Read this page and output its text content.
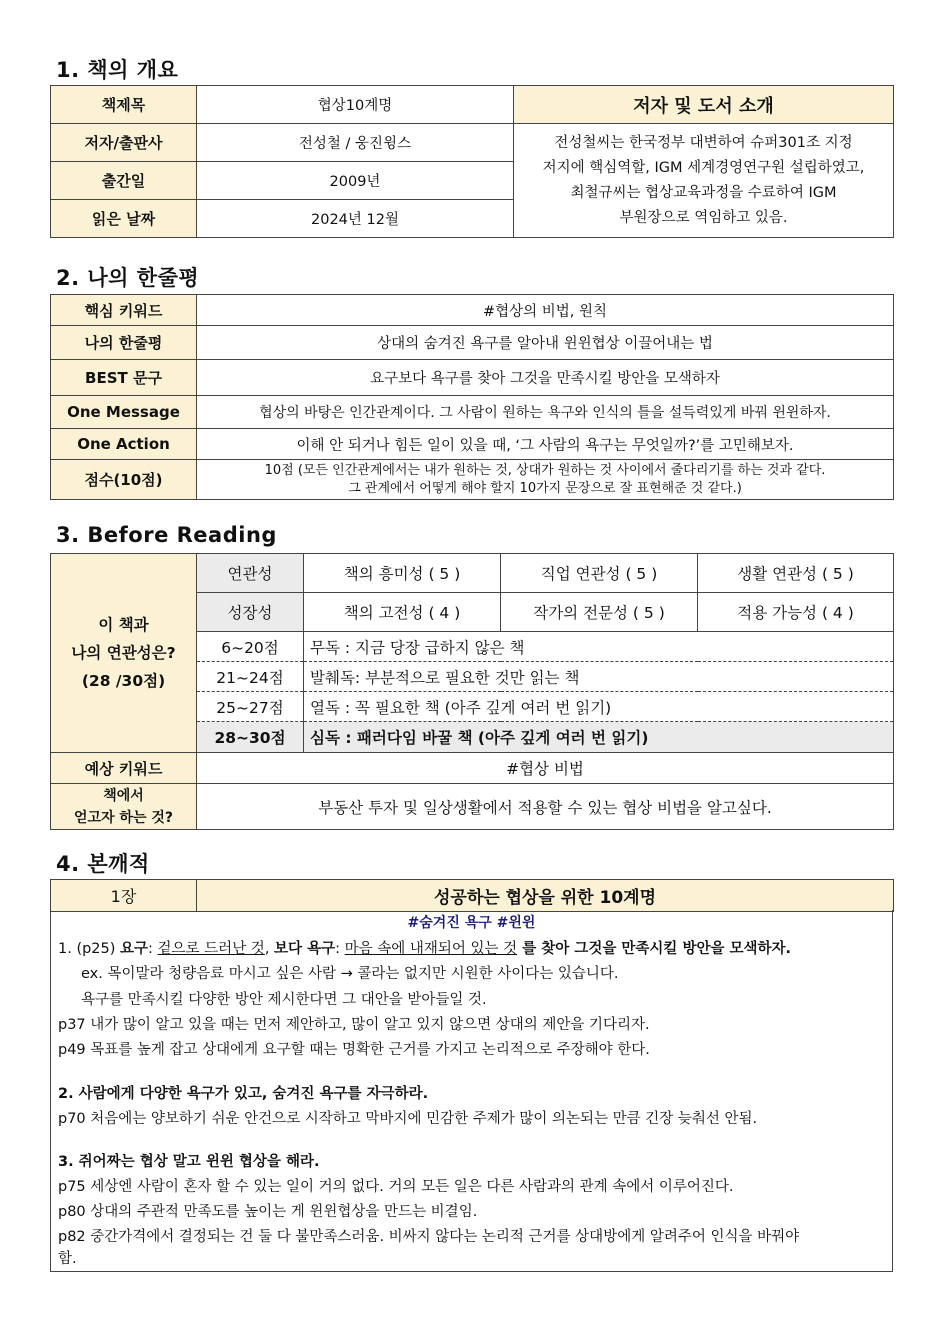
1. 책의 개요
책제목	협상10계명	저자 및 도서 소개
저자/출판사	전성철 / 웅진윙스	전성철씨는 한국정부 대변하여 슈퍼301조 지정
저지에 핵심역할, IGM 세계경영연구원 설립하였고,
최철규씨는 협상교육과정을 수료하여 IGM
부원장으로 역임하고 있음.

출간일	2009년	
읽은 날짜	2024년 12월	
2. 나의 한줄평
핵심 키워드	#협상의 비법, 원칙
나의 한줄평	상대의 숨겨진 욕구를 알아내 윈윈협상 이끌어내는 법
BEST 문구	요구보다 욕구를 찾아 그것을 만족시킬 방안을 모색하자
One Message	협상의 바탕은 인간관계이다. 그 사람이 원하는 욕구와 인식의 틀을 설득력있게 바꿔 윈윈하자.
One Action	이해 안 되거나 힘든 일이 있을 때, ‘그 사람의 욕구는 무엇일까?’를 고민해보자.
점수(10점)	10점 (모든 인간관계에서는 내가 원하는 것, 상대가 원하는 것 사이에서 줄다리기를 하는 것과 같다.
그 관계에서 어떻게 해야 할지 10가지 문장으로 잘 표현해준 것 같다.)
3. Before Reading
이 책과
나의 연관성은?
(28 /30점)	연관성	책의 흥미성 ( 5 )	직업 연관성 ( 5 )	생활 연관성 ( 5 )
	성장성	책의 고전성 ( 4 )	작가의 전문성 ( 5 )	적용 가능성 ( 4 )
	6~20점	무독 : 지금 당장 급하지 않은 책		
	21~24점	발췌독: 부분적으로 필요한 것만 읽는 책		
	25~27점	열독 : 꼭 필요한 책 (아주 깊게 여러 번 읽기)		
	28~30점	심독 : 패러다임 바꿀 책 (아주 깊게 여러 번 읽기)		
예상 키워드	#협상 비법			

책에서
얻고자 하는 것?	부동산 투자 및 일상생활에서 적용할 수 있는 협상 비법을 알고싶다.			
4. 본깨적
1장	성공하는 협상을 위한 10계명
#숨겨진 욕구 #윈윈
1. (p25) 요구: 겉으로 드러난 것, 보다 욕구: 마음 속에 내재되어 있는 것 를 찾아 그것을 만족시킬 방안을 모색하자.
ex. 목이말라 청량음료 마시고 싶은 사람 → 콜라는 없지만 시원한 사이다는 있습니다.
욕구를 만족시킬 다양한 방안 제시한다면 그 대안을 받아들일 것.
p37 내가 많이 알고 있을 때는 먼저 제안하고, 많이 알고 있지 않으면 상대의 제안을 기다리자.
p49 목표를 높게 잡고 상대에게 요구할 때는 명확한 근거를 가지고 논리적으로 주장해야 한다.
2. 사람에게 다양한 욕구가 있고, 숨겨진 욕구를 자극하라.
p70 처음에는 양보하기 쉬운 안건으로 시작하고 막바지에 민감한 주제가 많이 의논되는 만큼 긴장 늦춰선 안됨.
3. 쥐어짜는 협상 말고 윈윈 협상을 해라.
p75 세상엔 사람이 혼자 할 수 있는 일이 거의 없다. 거의 모든 일은 다른 사람과의 관계 속에서 이루어진다.
p80 상대의 주관적 만족도를 높이는 게 윈윈협상을 만드는 비결임.
p82 중간가격에서 결정되는 건 둘 다 불만족스러움. 비싸지 않다는 논리적 근거를 상대방에게 알려주어 인식을 바꿔야
함.
